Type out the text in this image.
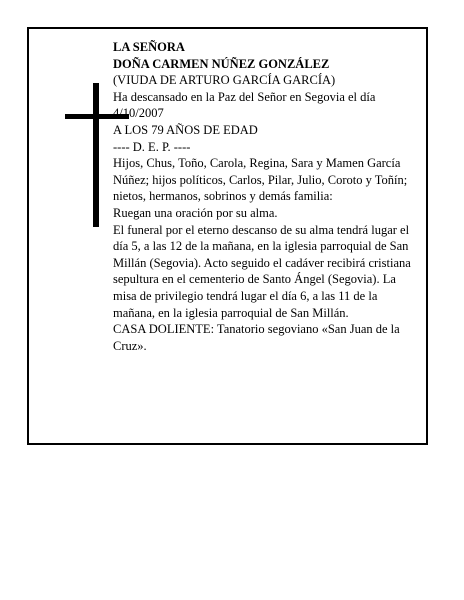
LA SEÑORA

DOÑA CARMEN NÚÑEZ GONZÁLEZ

(VIUDA DE ARTURO GARCÍA GARCÍA)

Ha descansado en la Paz del Señor en Segovia el día 4/10/2007

A LOS 79 AÑOS DE EDAD

---- D. E. P. ----

Hijos, Chus, Toño, Carola, Regina, Sara y Mamen García Núñez; hijos políticos, Carlos, Pilar, Julio, Coroto y Toñín; nietos, hermanos, sobrinos y demás familia:

Ruegan una oración por su alma.

El funeral por el eterno descanso de su alma tendrá lugar el día 5, a las 12 de la mañana, en la iglesia parroquial de San Millán (Segovia). Acto seguido el cadáver recibirá cristiana sepultura en el cementerio de Santo Ángel (Segovia). La misa de privilegio tendrá lugar el día 6, a las 11 de la mañana, en la iglesia parroquial de San Millán.

CASA DOLIENTE: Tanatorio segoviano «San Juan de la Cruz».
